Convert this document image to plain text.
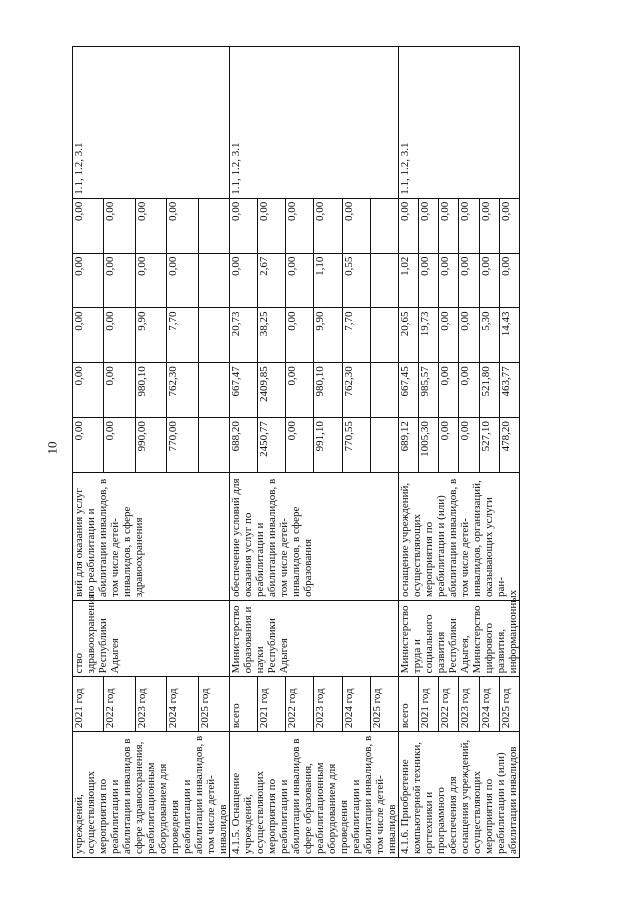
10
учреждений, осуществляющих мероприятия по реабилитации и абилитации инвалидов в сфере здравоохранения, реабилитационным оборудованием для проведения реабилитации и абилитации инвалидов, в том числе детей-инвалидов	2021 год	ство здравоохранения Республики Адыгея	вий для оказания услуг по реабилитации и абилитации инвалидов, в том числе детей-инвалидов, в сфере здравоохранения	0,00	0,00	0,00	0,00	0,00	1.1, 1.2, 3.1
	2022 год			0,00	0,00	0,00	0,00	0,00	
	2023 год			990,00	980,10	9,90	0,00	0,00	
	2024 год			770,00	762,30	7,70	0,00	0,00	
	2025 год								
4.1.5. Оснащение учреждений, осуществляющих мероприятия по реабилитации и абилитации инвалидов в сфере образования, реабилитационным оборудованием для проведения реабилитации и абилитации инвалидов, в том числе детей-инвалидов	всего	Министерство образования и науки Республики Адыгея	обеспечение условий для оказания услуг по реабилитации и абилитации инвалидов, в том числе детей-инвалидов, в сфере образования	688,20	667,47	20,73	0,00	0,00	1.1, 1.2, 3.1
	2021 год			2450,77	2409,85	38,25	2,67	0,00	
	2022 год			0,00	0,00	0,00	0,00	0,00	
	2023 год			991,10	980,10	9,90	1,10	0,00	
	2024 год			770,55	762,30	7,70	0,55	0,00	
	2025 год								
4.1.6. Приобретение компьютерной техники, оргтехники и программного обеспечения для оснащения учреждений, осуществляющих мероприятия по реабилитации и (или) абилитации инвалидов	всего	Министерство труда и социального развития Республики Адыгея, Министерство цифрового развития, информационных	оснащение учреждений, осуществляющих мероприятия по реабилитации и (или) абилитации инвалидов, в том числе детей-инвалидов, организаций, оказывающих услуги ран-	689,12	667,45	20,65	1,02	0,00	1.1, 1.2, 3.1
	2021 год			1005,30	985,57	19,73	0,00	0,00	
	2022 год			0,00	0,00	0,00	0,00	0,00	
	2023 год			0,00	0,00	0,00	0,00	0,00	
	2024 год			527,10	521,80	5,30	0,00	0,00	
	2025 год			478,20	463,77	14,43	0,00	0,00	
